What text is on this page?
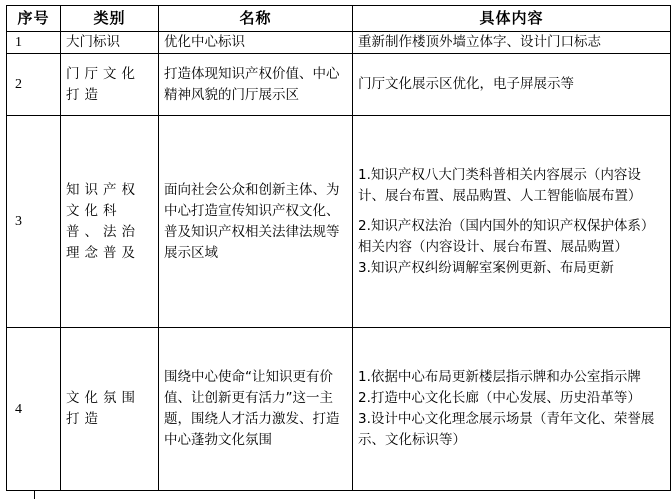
序号	类别	名称	具体内容
1	大门标识	优化中心标识	重新制作楼顶外墙立体字、设计门口标志

2	门厅文化打造	打造体现知识产权价值、中心精神风貌的门厅展示区	门厅文化展示区优化，电子屏展示等

3	知识产权文化科普、法治理念普及	面向社会公众和创新主体、为中心打造宣传知识产权文化、普及知识产权相关法律法规等展示区域	1.知识产权八大门类科普相关内容展示（内容设计、展台布置、展品购置、人工智能临展布置）
2.知识产权法治（国内国外的知识产权保护体系）相关内容（内容设计、展台布置、展品购置）
3.知识产权纠纷调解室案例更新、布局更新

4	文化氛围打造	围绕中心使命“让知识更有价值、让创新更有活力”这一主题，围绕人才活力激发、打造中心蓬勃文化氛围	1.依据中心布局更新楼层指示牌和办公室指示牌
2.打造中心文化长廊（中心发展、历史沿革等）
3.设计中心文化理念展示场景（青年文化、荣誉展示、文化标识等）
